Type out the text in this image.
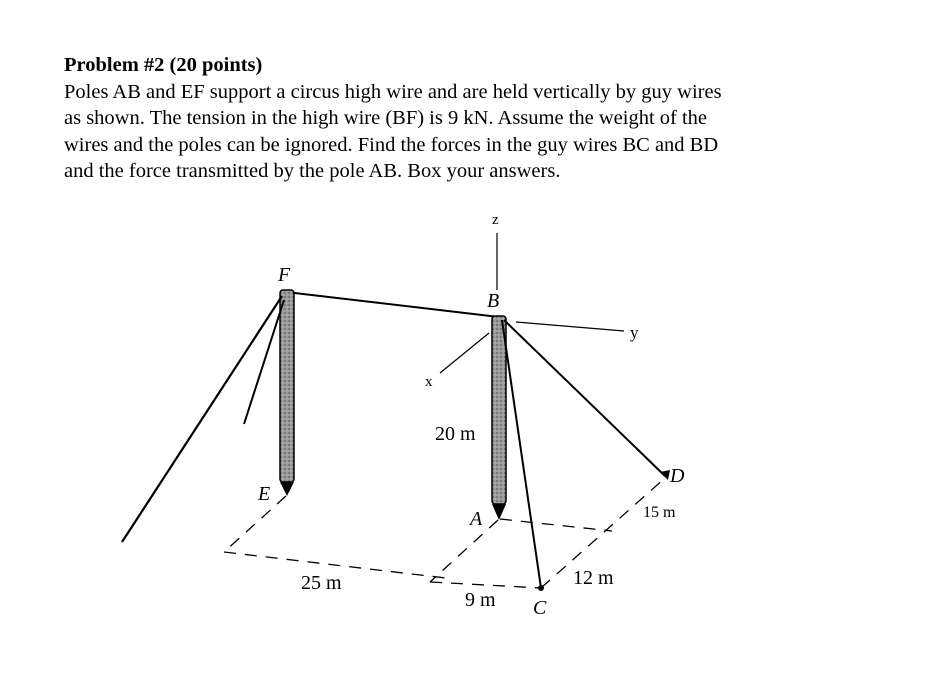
Problem #2 (20 points)
Poles AB and EF support a circus high wire and are held vertically by guy wires
as shown. The tension in the high wire (BF) is 9 kN. Assume the weight of the
wires and the poles can be ignored. Find the forces in the guy wires BC and BD
and the force transmitted by the pole AB. Box your answers.
z
y
x
F
B
E
A
C
D
20 m
25 m
9 m
12 m
15 m
